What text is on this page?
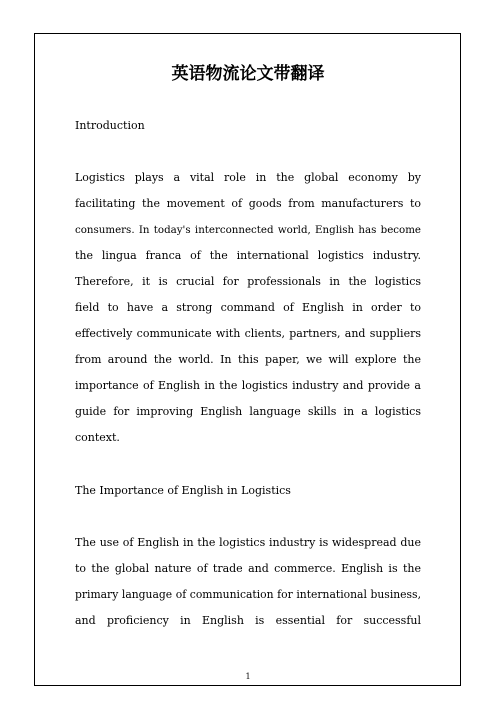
英语物流论文带翻译
Introduction
Logistics plays a vital role in the global economy by
facilitating the movement of goods from manufacturers to
consumers. In today's interconnected world, English has become
the lingua franca of the international logistics industry.
Therefore, it is crucial for professionals in the logistics
field to have a strong command of English in order to
effectively communicate with clients, partners, and suppliers
from around the world. In this paper, we will explore the
importance of English in the logistics industry and provide a
guide for improving English language skills in a logistics
context.
The Importance of English in Logistics
The use of English in the logistics industry is widespread due
to the global nature of trade and commerce. English is the
primary language of communication for international business,
and proficiency in English is essential for successful
1
